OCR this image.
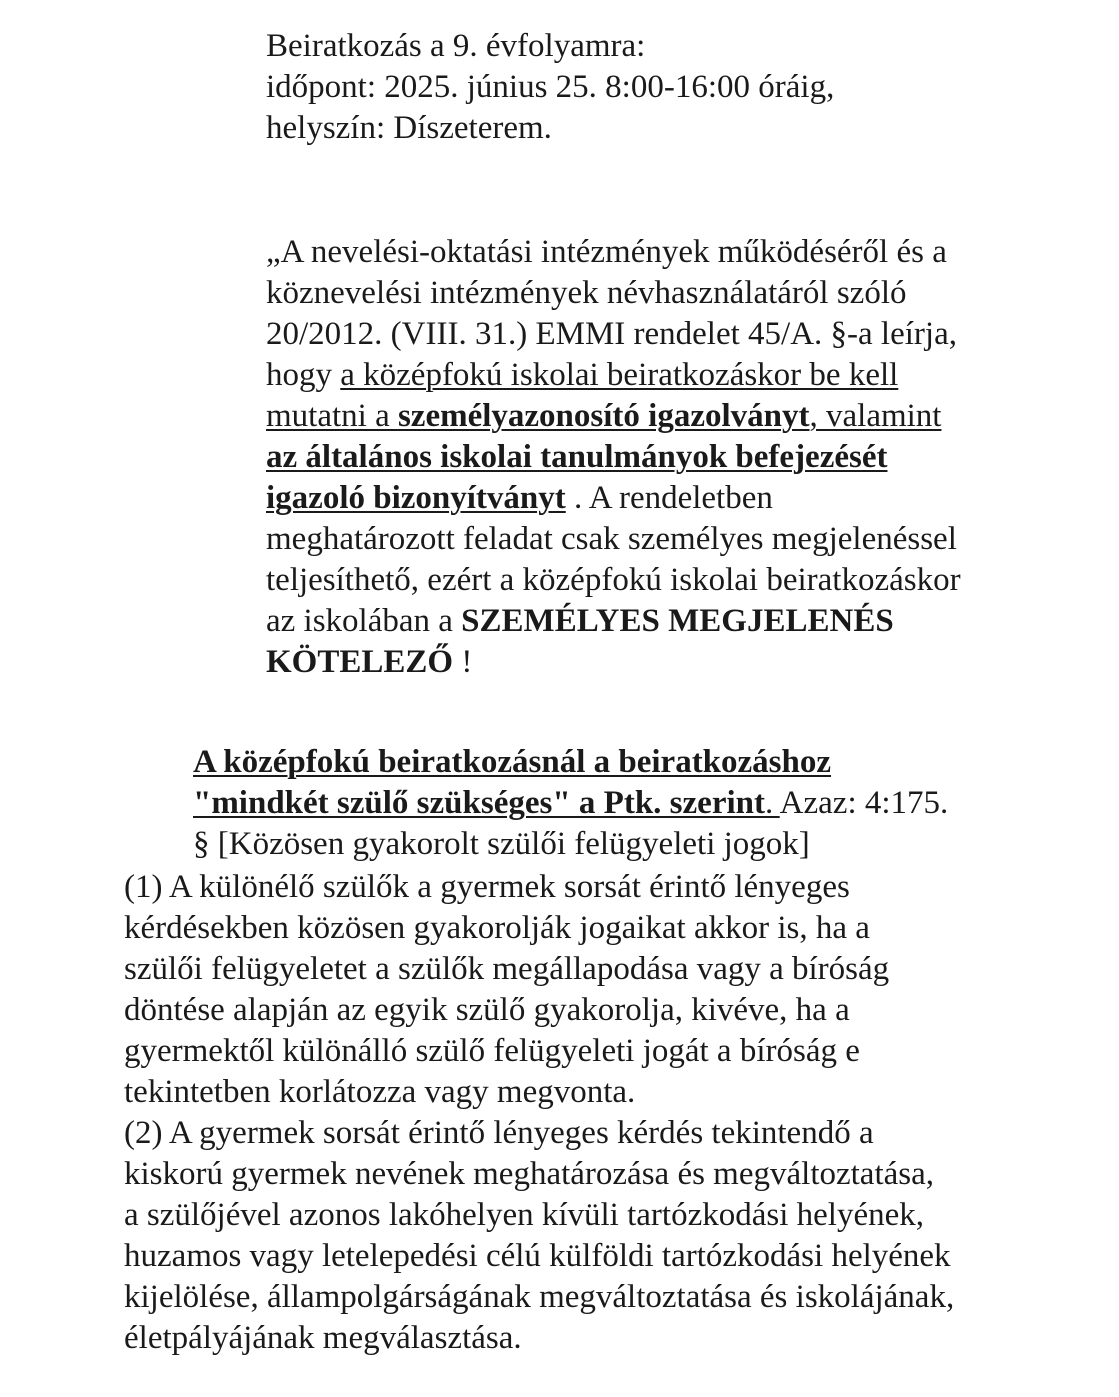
Beiratkozás a 9. évfolyamra:
időpont: 2025. június 25. 8:00-16:00 óráig,
helyszín: Díszeterem.
„A nevelési-oktatási intézmények működéséről és a
köznevelési intézmények névhasználatáról szóló
20/2012. (VIII. 31.) EMMI rendelet 45/A. §-a leírja,
hogy a középfokú iskolai beiratkozáskor be kell
mutatni a személyazonosító igazolványt, valamint
az általános iskolai tanulmányok befejezését
igazoló bizonyítványt . A rendeletben
meghatározott feladat csak személyes megjelenéssel
teljesíthető, ezért a középfokú iskolai beiratkozáskor
az iskolában a SZEMÉLYES MEGJELENÉS
KÖTELEZŐ !
A középfokú beiratkozásnál a beiratkozáshoz
"mindkét szülő szükséges" a Ptk. szerint. Azaz: 4:175.
§ [Közösen gyakorolt szülői felügyeleti jogok]
(1) A különélő szülők a gyermek sorsát érintő lényeges
kérdésekben közösen gyakorolják jogaikat akkor is, ha a
szülői felügyeletet a szülők megállapodása vagy a bíróság
döntése alapján az egyik szülő gyakorolja, kivéve, ha a
gyermektől különálló szülő felügyeleti jogát a bíróság e
tekintetben korlátozza vagy megvonta.
(2) A gyermek sorsát érintő lényeges kérdés tekintendő a
kiskorú gyermek nevének meghatározása és megváltoztatása,
a szülőjével azonos lakóhelyen kívüli tartózkodási helyének,
huzamos vagy letelepedési célú külföldi tartózkodási helyének
kijelölése, állampolgárságának megváltoztatása és iskolájának,
életpályájának megválasztása.
